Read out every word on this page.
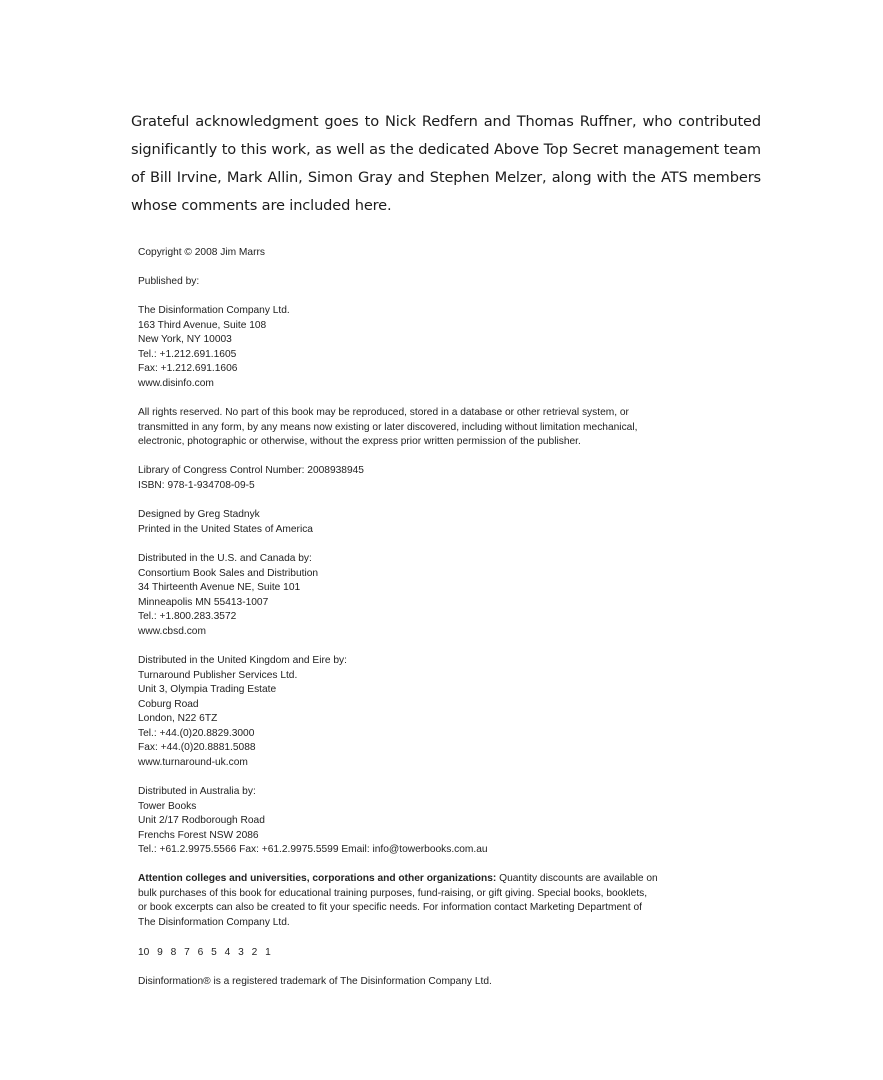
Grateful acknowledgment goes to Nick Redfern and Thomas Ruffner, who contributed
significantly to this work, as well as the dedicated Above Top Secret management team
of Bill Irvine, Mark Allin, Simon Gray and Stephen Melzer, along with the ATS members
whose comments are included here.
Copyright © 2008 Jim Marrs
Published by:
The Disinformation Company Ltd.
163 Third Avenue, Suite 108
New York, NY 10003
Tel.: +1.212.691.1605
Fax: +1.212.691.1606
www.disinfo.com
All rights reserved. No part of this book may be reproduced, stored in a database or other retrieval system, or
transmitted in any form, by any means now existing or later discovered, including without limitation mechanical,
electronic, photographic or otherwise, without the express prior written permission of the publisher.
Library of Congress Control Number: 2008938945
ISBN: 978-1-934708-09-5
Designed by Greg Stadnyk
Printed in the United States of America
Distributed in the U.S. and Canada by:
Consortium Book Sales and Distribution
34 Thirteenth Avenue NE, Suite 101
Minneapolis MN 55413-1007
Tel.: +1.800.283.3572
www.cbsd.com
Distributed in the United Kingdom and Eire by:
Turnaround Publisher Services Ltd.
Unit 3, Olympia Trading Estate
Coburg Road
London, N22 6TZ
Tel.: +44.(0)20.8829.3000
Fax: +44.(0)20.8881.5088
www.turnaround-uk.com
Distributed in Australia by:
Tower Books
Unit 2/17 Rodborough Road
Frenchs Forest NSW 2086
Tel.: +61.2.9975.5566 Fax: +61.2.9975.5599 Email: info@towerbooks.com.au
Attention colleges and universities, corporations and other organizations: Quantity discounts are available on
bulk purchases of this book for educational training purposes, fund-raising, or gift giving. Special books, booklets,
or book excerpts can also be created to fit your specific needs. For information contact Marketing Department of
The Disinformation Company Ltd.
10 9 8 7 6 5 4 3 2 1
Disinformation® is a registered trademark of The Disinformation Company Ltd.
